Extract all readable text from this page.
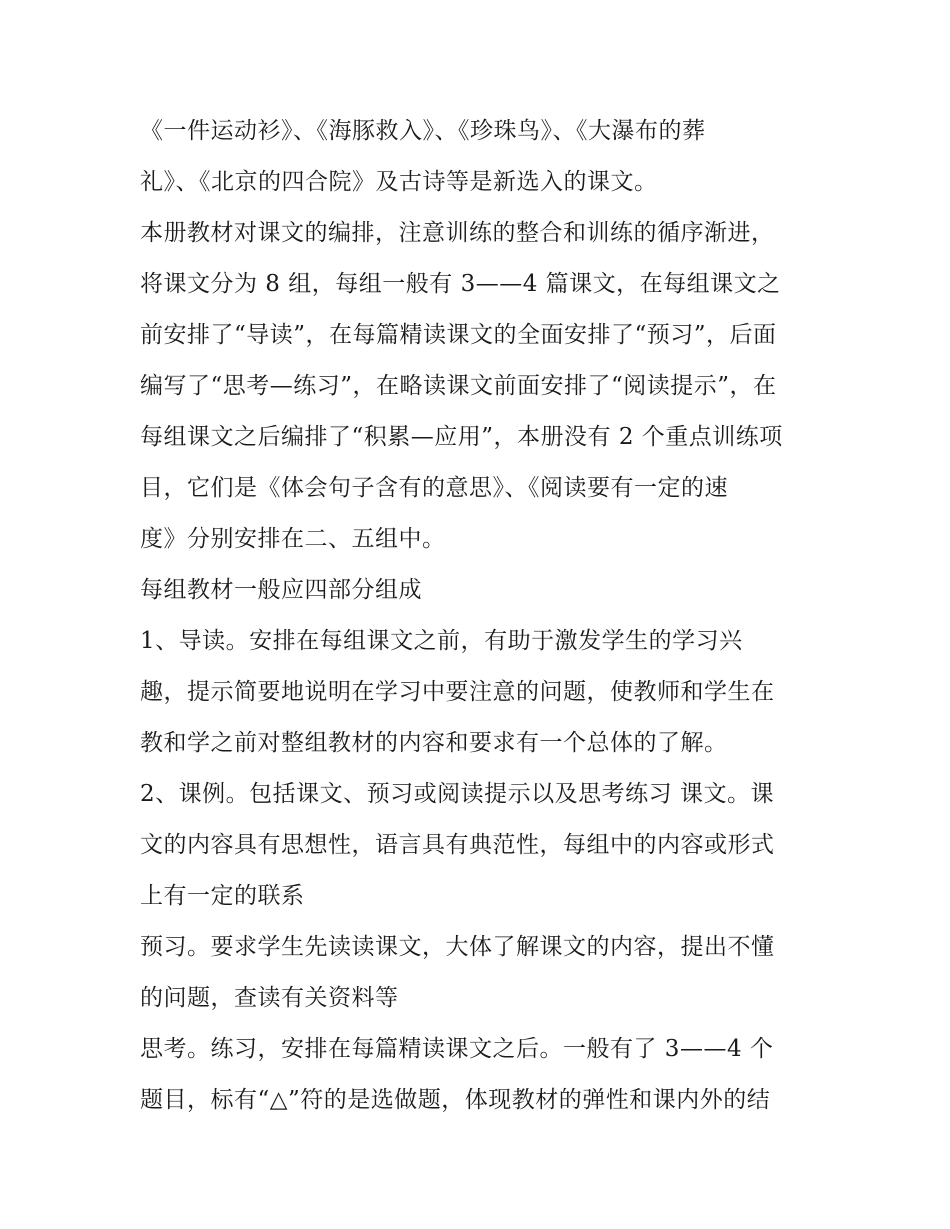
《一件运动衫》、《海豚救入》、《珍珠鸟》、《大瀑布的葬
礼》、《北京的四合院》及古诗等是新选入的课文。
本册教材对课文的编排，注意训练的整合和训练的循序渐进，
将课文分为 8 组，每组一般有 3——4 篇课文，在每组课文之
前安排了“导读”，在每篇精读课文的全面安排了“预习”，后面
编写了“思考—练习”，在略读课文前面安排了“阅读提示”，在
每组课文之后编排了“积累—应用”，本册没有 2 个重点训练项
目，它们是《体会句子含有的意思》、《阅读要有一定的速
度》分别安排在二、五组中。
每组教材一般应四部分组成
1、导读。安排在每组课文之前，有助于激发学生的学习兴
趣，提示简要地说明在学习中要注意的问题，使教师和学生在
教和学之前对整组教材的内容和要求有一个总体的了解。
2、课例。包括课文、预习或阅读提示以及思考练习 课文。课
文的内容具有思想性，语言具有典范性，每组中的内容或形式
上有一定的联系
预习。要求学生先读读课文，大体了解课文的内容，提出不懂
的问题，查读有关资料等
思考。练习，安排在每篇精读课文之后。一般有了 3——4 个
题目，标有“△”符的是选做题，体现教材的弹性和课内外的结
